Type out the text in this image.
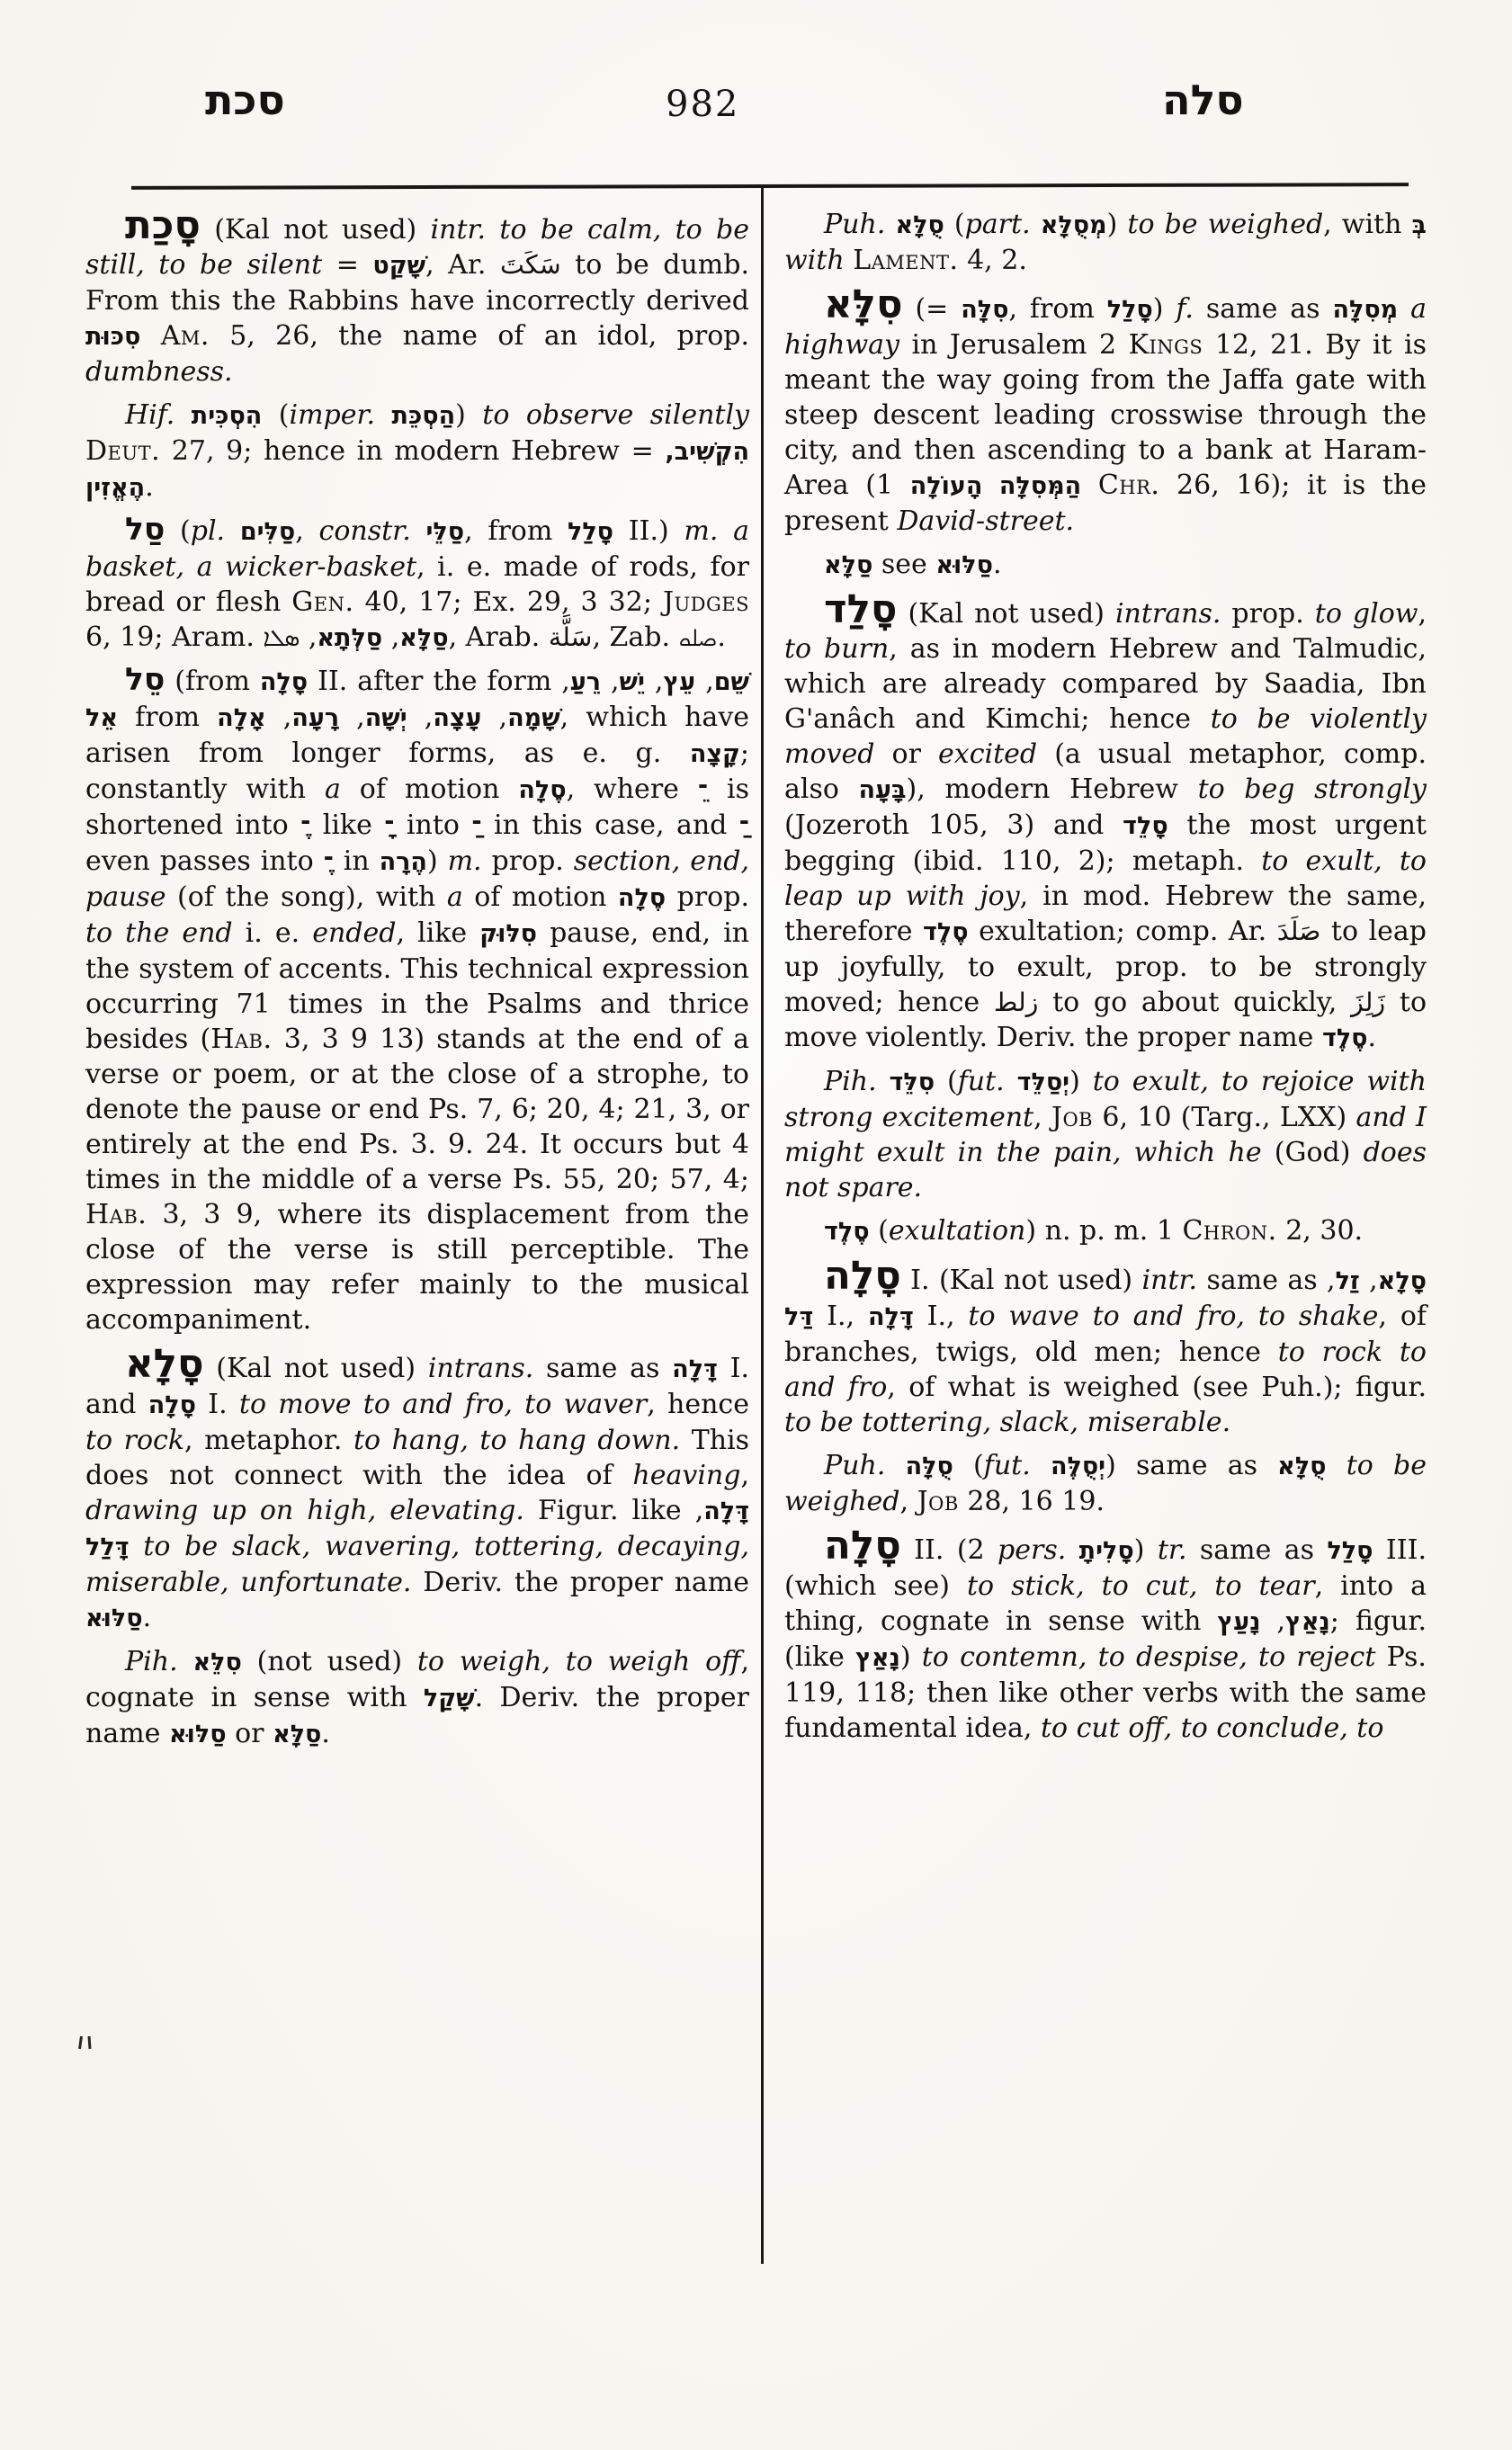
סכת	982	סלה

סָכַת (Kal not used) intr. to be calm, to be still, to be silent = שָׁקַט, Ar. سَكَتَ to be dumb. From this the Rabbins have incorrectly derived סִכּוּת Am. 5, 26, the name of an idol, prop. dumbness.

Hif. הִסְכִּית (imper. הַסְכֵּת) to observe silently Deut. 27, 9; hence in modern Hebrew = הִקְשִׁיב, הֶאֱזִין.

סַל (pl. סַלִּים, constr. סַלֵּי, from סָלַל II.) m. a basket, a wicker-basket, i. e. made of rods, for bread or flesh Gen. 40, 17; Ex. 29, 3 32; Judges 6, 19; Aram.	סַלָּא, סַלְּתָא, ܣܠܐ	, Arab. سَلَّة, Zab. ࡎࡋࡀ.

סֵל (from סָלָה II. after the form	שֵׁם, עֵץ, יֵשׁ, רֵעַ, אֵל from	שָׁמָה, עָצָה, יְשָׁה, רָעָה, אָלָה	, which have arisen from longer forms, as e. g. קָצָה; constantly with a of motion סֶלָה, where ־ֵ is shortened into ־ֶ like ־ָ into ־ַ in this case, and ־ַ even passes into ־ֶ in הֶרָה) m. prop. section, end, pause (of the song), with a of motion סֶלָה prop. to the end i. e. ended, like סִלּוּק pause, end, in the system of accents. This technical expression occurring 71 times in the Psalms and thrice besides (Hab. 3, 3 9 13) stands at the end of a verse or poem, or at the close of a strophe, to denote the pause or end Ps. 7, 6; 20, 4; 21, 3, or entirely at the end Ps. 3. 9. 24. It occurs but 4 times in the middle of a verse Ps. 55, 20; 57, 4; Hab. 3, 3 9, where its displacement from the close of the verse is still perceptible. The expression may refer mainly to the musical accompaniment.

סָלָא (Kal not used) intrans. same as דָּלָה I. and סָלָה I. to move to and fro, to waver, hence to rock, metaphor. to hang, to hang down. This does not connect with the idea of heaving, drawing up on high, elevating. Figur. like דָּלָה, דָּלַל to be slack, wavering, tottering, decaying, miserable, unfortunate. Deriv. the proper name סַלּוּא.

Pih. סִלֵּא (not used) to weigh, to weigh off, cognate in sense with שָׁקַל. Deriv. the proper name סַלּוּא or סַלָּא.

Puh. סֻלָּא (part. מְסֻלָּא) to be weighed, with בְּ with Lament. 4, 2.

סִלָּא (= סִלָּה, from סָלַל) f. same as מְסִלָּה a highway in Jerusalem 2 Kings 12, 21. By it is meant the way going from the Jaffa gate with steep descent leading crosswise through the city, and then ascending to a bank at Haram-Area ( הַמְּסִלָּה הָעוֹלָה 1 Chr. 26, 16); it is the present David-street.

סַלָּא see סַלּוּא.

סָלַד (Kal not used) intrans. prop. to glow, to burn, as in modern Hebrew and Talmudic, which are already compared by Saadia, Ibn G'anâch and Kimchi; hence to be violently moved or excited (a usual metaphor, comp. also בָּעָה), modern Hebrew to beg strongly (Jozeroth 105, 3) and סָלֵד the most urgent begging (ibid. 110, 2); metaph. to exult, to leap up with joy, in mod. Hebrew the same, therefore סֶלֶד exultation; comp. Ar. صَلَدَ to leap up joyfully, to exult, prop. to be strongly moved; hence زلط to go about quickly, زَلِزَ to move violently. Deriv. the proper name סֶלֶד.

Pih. סִלֵּד (fut. יְסַלֵּד) to exult, to rejoice with strong excitement, Job 6, 10 (Targ., LXX) and I might exult in the pain, which he (God) does not spare.

סֶלֶד (exultation) n. p. m. 1 Chron. 2, 30.

סָלָה I. (Kal not used) intr. same as סָלָא, זַל, דַּל I., דָּלָה I., to wave to and fro, to shake, of branches, twigs, old men; hence to rock to and fro, of what is weighed (see Puh.); figur. to be tottering, slack, miserable.

Puh. סֻלָּה (fut. יְסֻלֶּה) same as סֻלָּא to be weighed, Job 28, 16 19.

סָלָה II. (2 pers. סָלִיתָ) tr. same as סָלַל III. (which see) to stick, to cut, to tear, into a thing, cognate in sense with	נָאַץ, נָעַץ	; figur. (like נָאַץ) to contemn, to despise, to reject Ps. 119, 118; then like other verbs with the same fundamental idea, to cut off, to conclude, to
